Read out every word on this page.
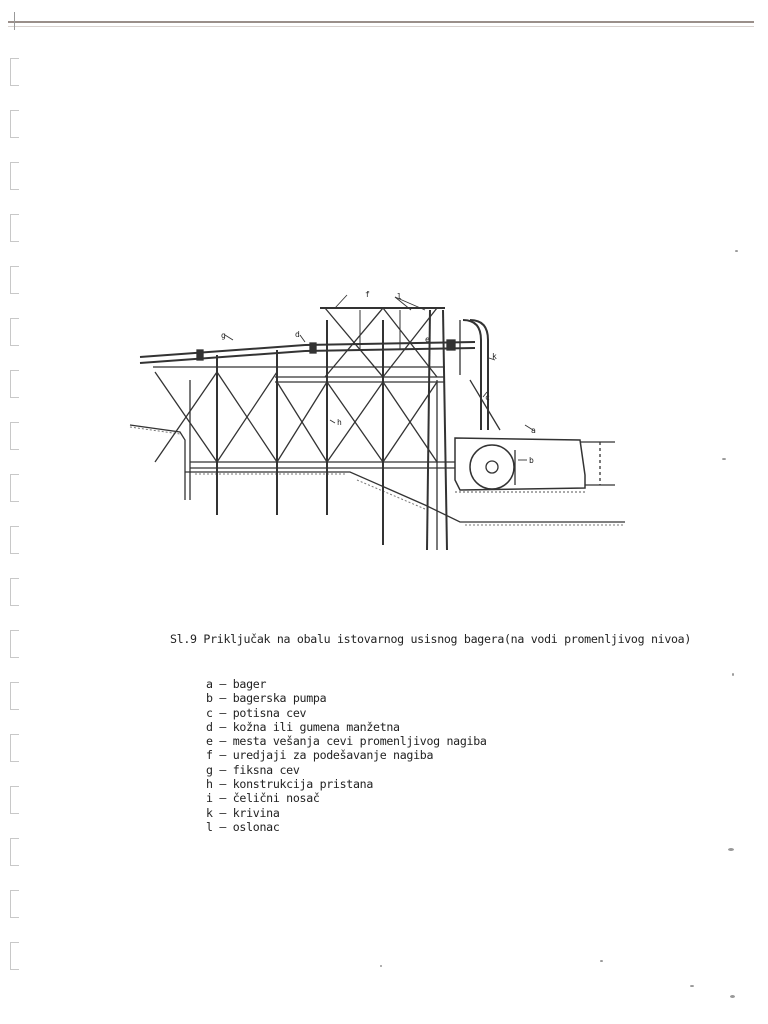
a
b
c
d
e
f
g
h
l
k
Sl.9 Priključak na obalu istovarnog usisnog bagera(na vodi promenljivog nivoa)
a – bager
b – bagerska pumpa
c – potisna cev
d – kožna ili gumena manžetna
e – mesta vešanja cevi promenljivog nagiba
f – uredjaji za podešavanje nagiba
g – fiksna cev
h – konstrukcija pristana
i – čelični nosač
k – krivina
l – oslonac
